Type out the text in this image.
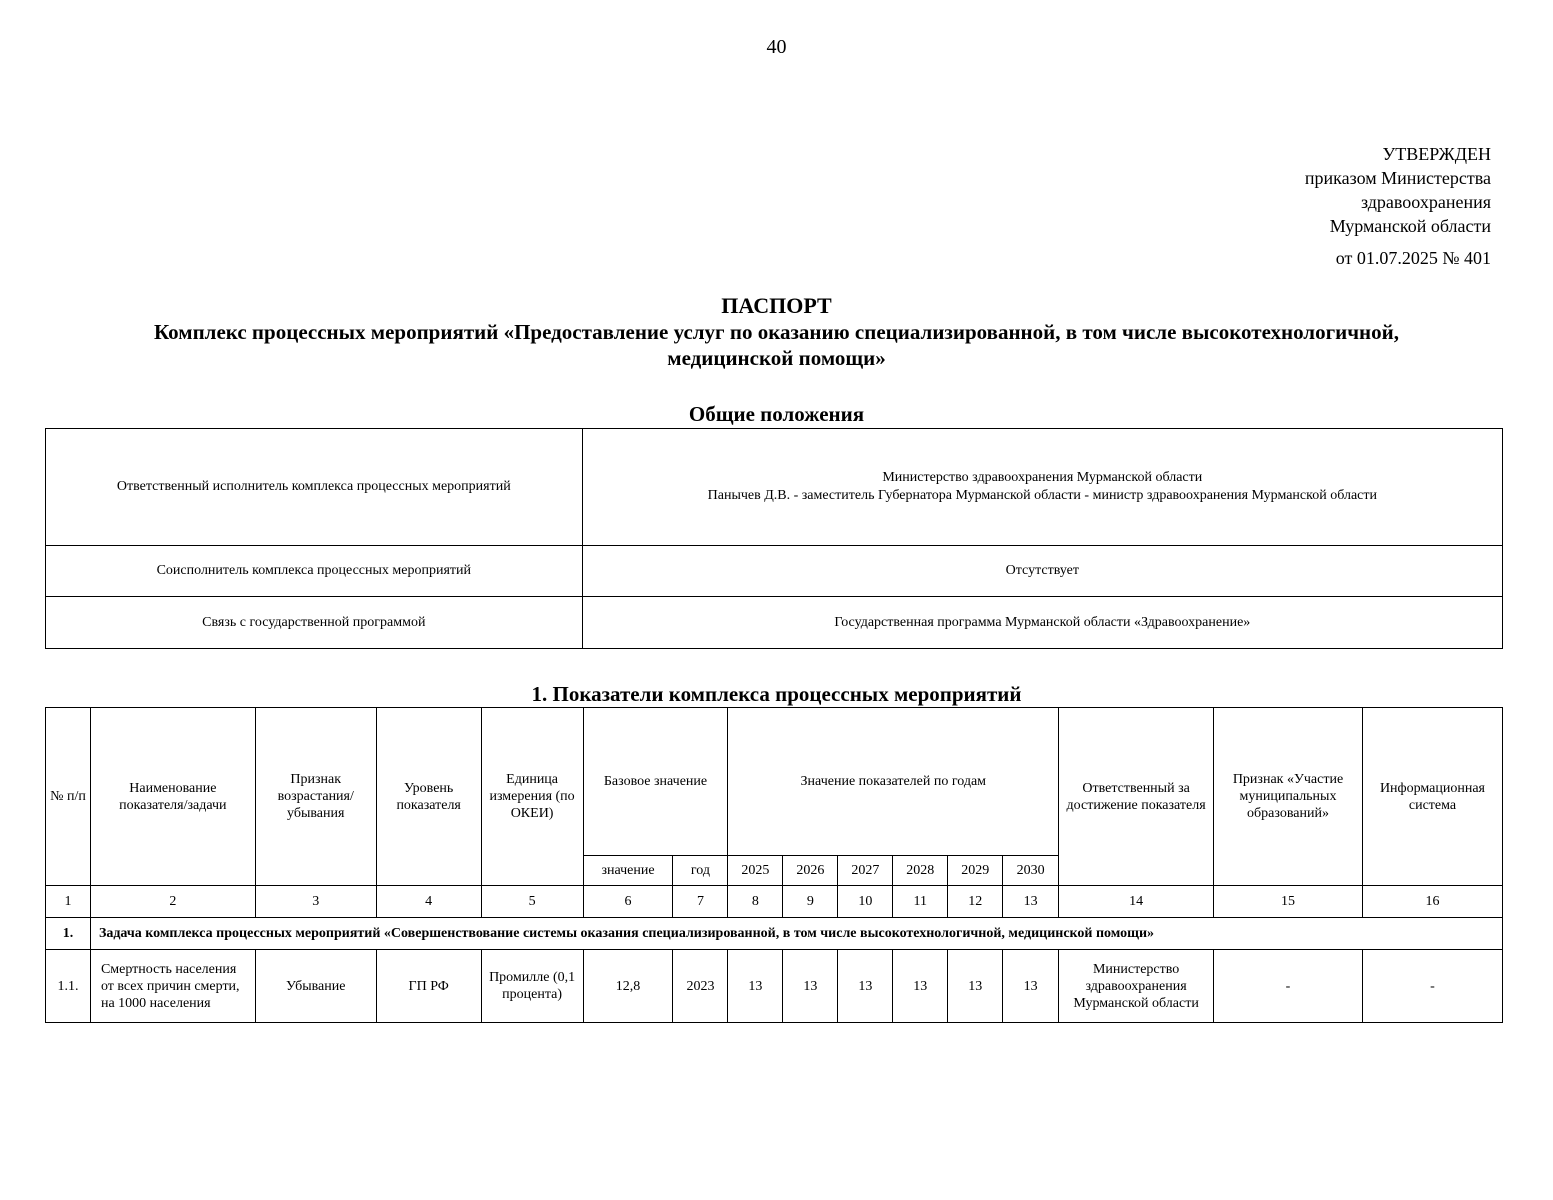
40
УТВЕРЖДЕН
приказом Министерства
здравоохранения
Мурманской области
от 01.07.2025 № 401
ПАСПОРТ
Комплекс процессных мероприятий «Предоставление услуг по оказанию специализированной, в том числе высокотехнологичной,
медицинской помощи»
Общие положения
Ответственный исполнитель комплекса процессных мероприятий	Министерство здравоохранения Мурманской области
Панычев Д.В. - заместитель Губернатора Мурманской области - министр здравоохранения Мурманской области

Соисполнитель комплекса процессных мероприятий	Отсутствует
Связь с государственной программой	Государственная программа Мурманской области «Здравоохранение»
1. Показатели комплекса процессных мероприятий
№ п/п	Наименование показателя/задачи	Признак возрастания/ убывания	Уровень показателя	Единица измерения (по ОКЕИ)	Базовое значение		Значение показателей по годам						Ответственный за достижение показателя	Признак «Участие муниципальных образований»	Информационная система
					значение	год	2025	2026	2027	2028	2029	2030			
1	2	3	4	5	6	7	8	9	10	11	12	13	14	15	16
1.	Задача комплекса процессных мероприятий «Совершенствование системы оказания специализированной, в том числе высокотехнологичной, медицинской помощи»														
1.1.	Смертность населения от всех причин смерти, на 1000 населения	Убывание	ГП РФ	Промилле (0,1 процента)	12,8	2023	13	13	13	13	13	13	Министерство здравоохранения Мурманской области	-	-
